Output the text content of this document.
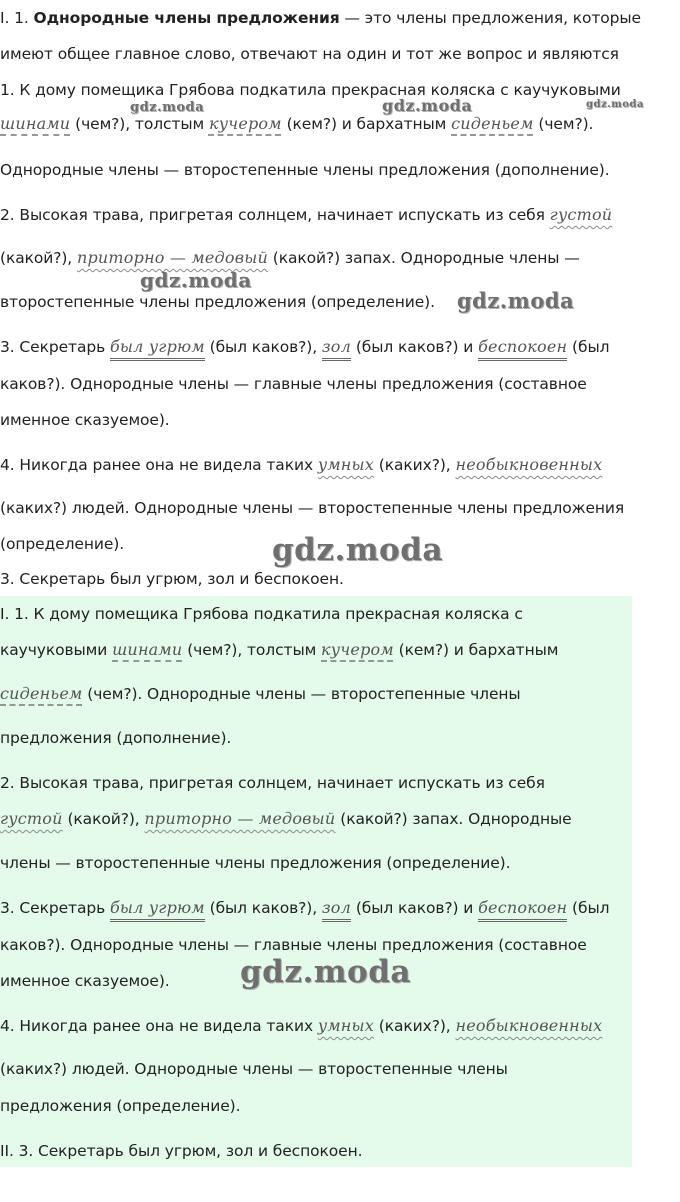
I. 1. Однородные члены предложения — это члены предложения, которые
имеют общее главное слово, отвечают на один и тот же вопрос и являются
1. К дому помещика Грябова подкатила прекрасная коляска с каучуковыми
шинами (чем?), толстым кучером (кем?) и бархатным сиденьем (чем?).
Однородные члены — второстепенные члены предложения (дополнение).
2. Высокая трава, пригретая солнцем, начинает испускать из себя густой
(какой?), приторно — медовый (какой?) запах. Однородные члены —
второстепенные члены предложения (определение).
3. Секретарь был угрюм (был каков?), зол (был каков?) и беспокоен (был
каков?). Однородные члены — главные члены предложения (составное
именное сказуемое).
4. Никогда ранее она не видела таких умных (каких?), необыкновенных
(каких?) людей. Однородные члены — второстепенные члены предложения
(определение).
3. Секретарь был угрюм, зол и беспокоен.
I. 1. К дому помещика Грябова подкатила прекрасная коляска с
каучуковыми шинами (чем?), толстым кучером (кем?) и бархатным
сиденьем (чем?). Однородные члены — второстепенные члены
предложения (дополнение).
2. Высокая трава, пригретая солнцем, начинает испускать из себя
густой (какой?), приторно — медовый (какой?) запах. Однородные
члены — второстепенные члены предложения (определение).
3. Секретарь был угрюм (был каков?), зол (был каков?) и беспокоен (был
каков?). Однородные члены — главные члены предложения (составное
именное сказуемое).
4. Никогда ранее она не видела таких умных (каких?), необыкновенных
(каких?) людей. Однородные члены — второстепенные члены
предложения (определение).
II. 3. Секретарь был угрюм, зол и беспокоен.
gdz.moda	gdz.moda	gdz.moda
gdz.moda
gdz.moda
gdz.moda
gdz.moda
